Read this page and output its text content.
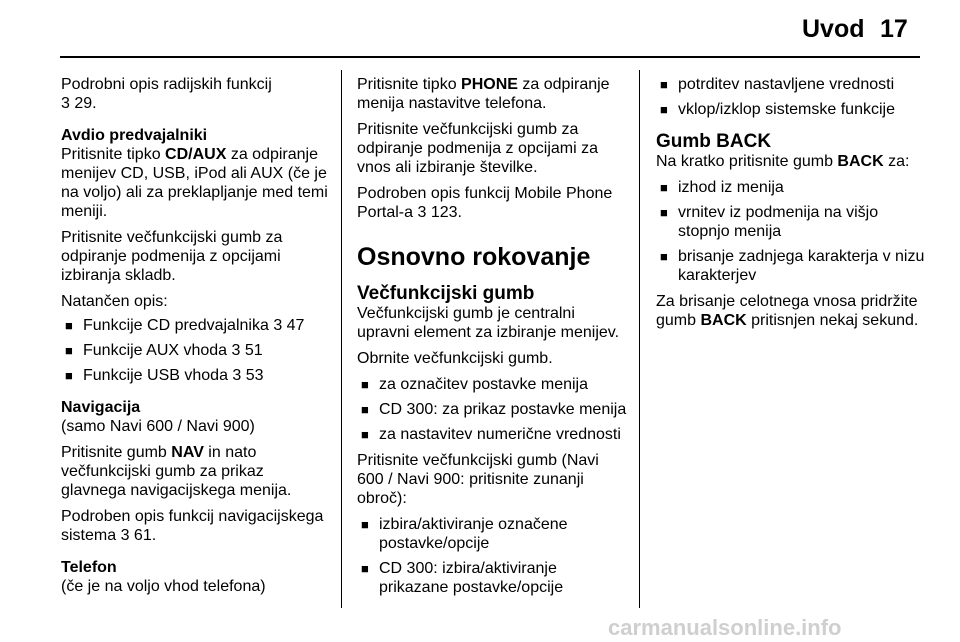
Uvod 17

Podrobni opis radijskih funkcij
3 29.

Avdio predvajalniki

Pritisnite tipko CD/AUX za odpiranje menijev CD, USB, iPod ali AUX (če je na voljo) ali za preklapljanje med temi meniji.

Pritisnite večfunkcijski gumb za odpiranje podmenija z opcijami izbiranja skladb.

Natančen opis:

■ Funkcije CD predvajalnika 3 47
■ Funkcije AUX vhoda 3 51
■ Funkcije USB vhoda 3 53

Navigacija

(samo Navi 600 / Navi 900)

Pritisnite gumb NAV in nato večfunkcijski gumb za prikaz glavnega navigacijskega menija.

Podroben opis funkcij navigacijskega sistema 3 61.

Telefon

(če je na voljo vhod telefona)

Pritisnite tipko PHONE za odpiranje menija nastavitve telefona.

Pritisnite večfunkcijski gumb za odpiranje podmenija z opcijami za vnos ali izbiranje številke.

Podroben opis funkcij Mobile Phone Portal-a 3 123.

Osnovno rokovanje
Večfunkcijski gumb

Večfunkcijski gumb je centralni upravni element za izbiranje menijev.

Obrnite večfunkcijski gumb.

■ za označitev postavke menija
■ CD 300: za prikaz postavke menija
■ za nastavitev numerične vrednosti

Pritisnite večfunkcijski gumb (Navi 600 / Navi 900: pritisnite zunanji obroč):

■ izbira/aktiviranje označene postavke/opcije
■ CD 300: izbira/aktiviranje prikazane postavke/opcije
■ potrditev nastavljene vrednosti
■ vklop/izklop sistemske funkcije
Gumb BACK

Na kratko pritisnite gumb BACK za:

■ izhod iz menija
■ vrnitev iz podmenija na višjo stopnjo menija
■ brisanje zadnjega karakterja v nizu karakterjev

Za brisanje celotnega vnosa pridržite gumb BACK pritisnjen nekaj sekund.

carmanualsonline.info
